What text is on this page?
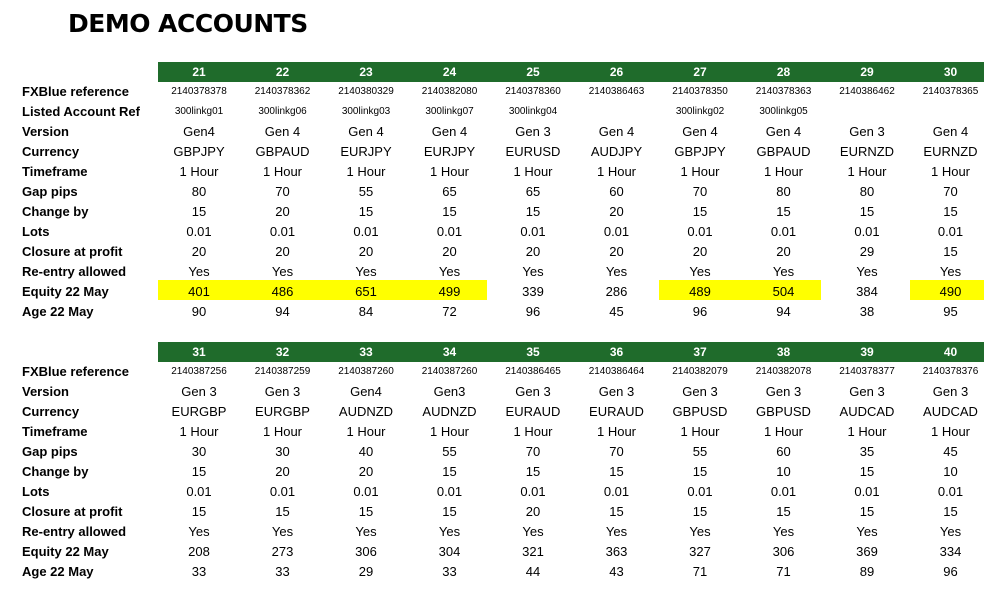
DEMO ACCOUNTS
FXBlue reference
Listed Account Ref
Version
Currency
Timeframe
Gap pips
Change by
Lots
Closure at profit
Re-entry allowed
Equity 22 May
Age 22 May
21
2140378378
300linkg01
Gen4
GBPJPY
1 Hour
80
15
0.01
20
Yes
401
90
22
2140378362
300linkg06
Gen 4
GBPAUD
1 Hour
70
20
0.01
20
Yes
486
94
23
2140380329
300linkg03
Gen 4
EURJPY
1 Hour
55
15
0.01
20
Yes
651
84
24
2140382080
300linkg07
Gen 4
EURJPY
1 Hour
65
15
0.01
20
Yes
499
72
25
2140378360
300linkg04
Gen 3
EURUSD
1 Hour
65
15
0.01
20
Yes
339
96
26
2140386463
Gen 4
AUDJPY
1 Hour
60
20
0.01
20
Yes
286
45
27
2140378350
300linkg02
Gen 4
GBPJPY
1 Hour
70
15
0.01
20
Yes
489
96
28
2140378363
300linkg05
Gen 4
GBPAUD
1 Hour
80
15
0.01
20
Yes
504
94
29
2140386462
Gen 3
EURNZD
1 Hour
80
15
0.01
29
Yes
384
38
30
2140378365
Gen 4
EURNZD
1 Hour
70
15
0.01
15
Yes
490
95
FXBlue reference
Version
Currency
Timeframe
Gap pips
Change by
Lots
Closure at profit
Re-entry allowed
Equity 22 May
Age 22 May
31
2140387256
Gen 3
EURGBP
1 Hour
30
15
0.01
15
Yes
208
33
32
2140387259
Gen 3
EURGBP
1 Hour
30
20
0.01
15
Yes
273
33
33
2140387260
Gen4
AUDNZD
1 Hour
40
20
0.01
15
Yes
306
29
34
2140387260
Gen3
AUDNZD
1 Hour
55
15
0.01
15
Yes
304
33
35
2140386465
Gen 3
EURAUD
1 Hour
70
15
0.01
20
Yes
321
44
36
2140386464
Gen 3
EURAUD
1 Hour
70
15
0.01
15
Yes
363
43
37
2140382079
Gen 3
GBPUSD
1 Hour
55
15
0.01
15
Yes
327
71
38
2140382078
Gen 3
GBPUSD
1 Hour
60
10
0.01
15
Yes
306
71
39
2140378377
Gen 3
AUDCAD
1 Hour
35
15
0.01
15
Yes
369
89
40
2140378376
Gen 3
AUDCAD
1 Hour
45
10
0.01
15
Yes
334
96
